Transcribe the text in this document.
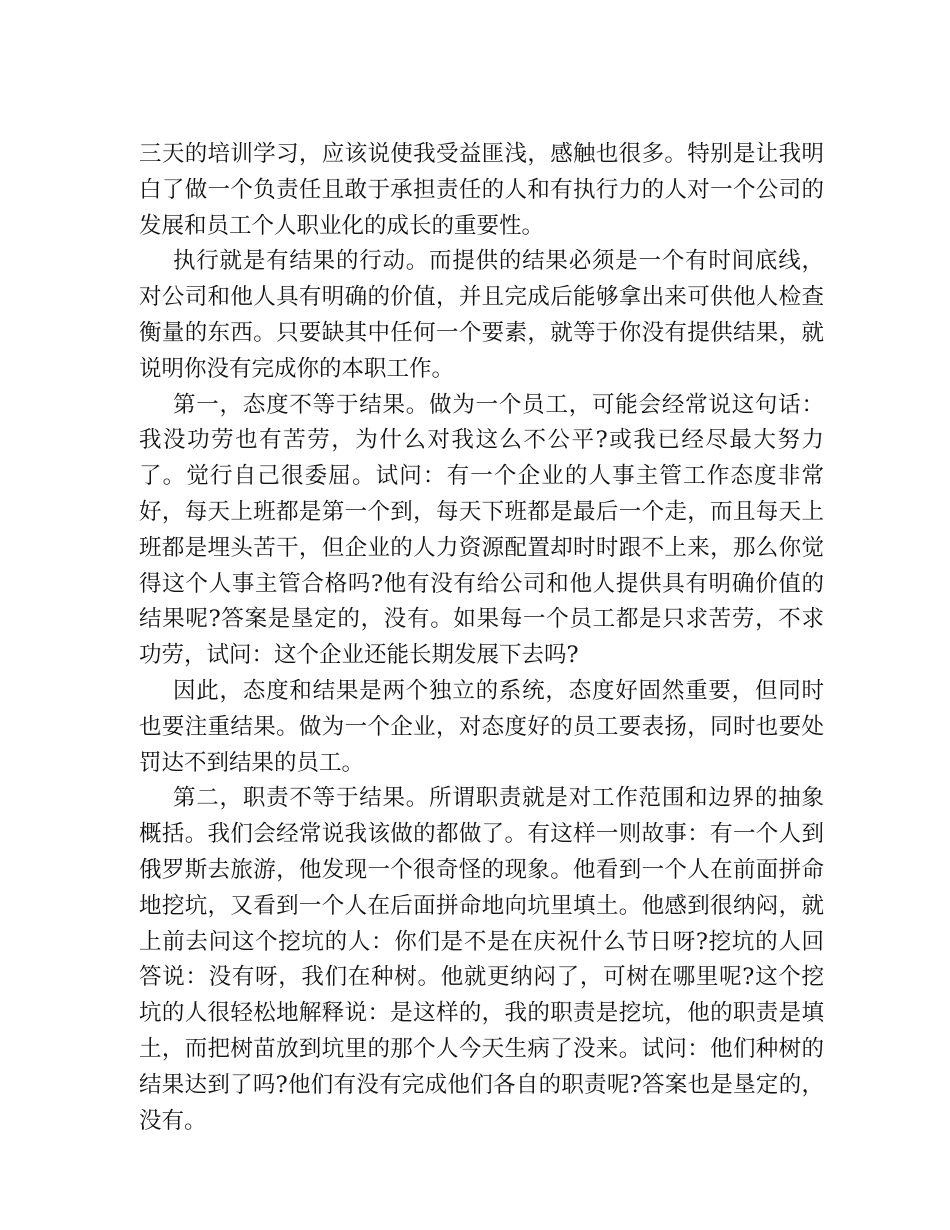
三天的培训学习，应该说使我受益匪浅，感触也很多。特别是让我明白了做一个负责任且敢于承担责任的人和有执行力的人对一个公司的发展和员工个人职业化的成长的重要性。

执行就是有结果的行动。而提供的结果必须是一个有时间底线，对公司和他人具有明确的价值，并且完成后能够拿出来可供他人检查衡量的东西。只要缺其中任何一个要素，就等于你没有提供结果，就说明你没有完成你的本职工作。

第一，态度不等于结果。做为一个员工，可能会经常说这句话：我没功劳也有苦劳，为什么对我这么不公平?或我已经尽最大努力了。觉行自己很委屈。试问：有一个企业的人事主管工作态度非常好，每天上班都是第一个到，每天下班都是最后一个走，而且每天上班都是埋头苦干，但企业的人力资源配置却时时跟不上来，那么你觉得这个人事主管合格吗?他有没有给公司和他人提供具有明确价值的结果呢?答案是垦定的，没有。如果每一个员工都是只求苦劳，不求功劳，试问：这个企业还能长期发展下去吗?

因此，态度和结果是两个独立的系统，态度好固然重要，但同时也要注重结果。做为一个企业，对态度好的员工要表扬，同时也要处罚达不到结果的员工。

第二，职责不等于结果。所谓职责就是对工作范围和边界的抽象概括。我们会经常说我该做的都做了。有这样一则故事：有一个人到俄罗斯去旅游，他发现一个很奇怪的现象。他看到一个人在前面拼命地挖坑，又看到一个人在后面拼命地向坑里填土。他感到很纳闷，就上前去问这个挖坑的人：你们是不是在庆祝什么节日呀?挖坑的人回答说：没有呀，我们在种树。他就更纳闷了，可树在哪里呢?这个挖坑的人很轻松地解释说：是这样的，我的职责是挖坑，他的职责是填土，而把树苗放到坑里的那个人今天生病了没来。试问：他们种树的结果达到了吗?他们有没有完成他们各自的职责呢?答案也是垦定的，没有。
